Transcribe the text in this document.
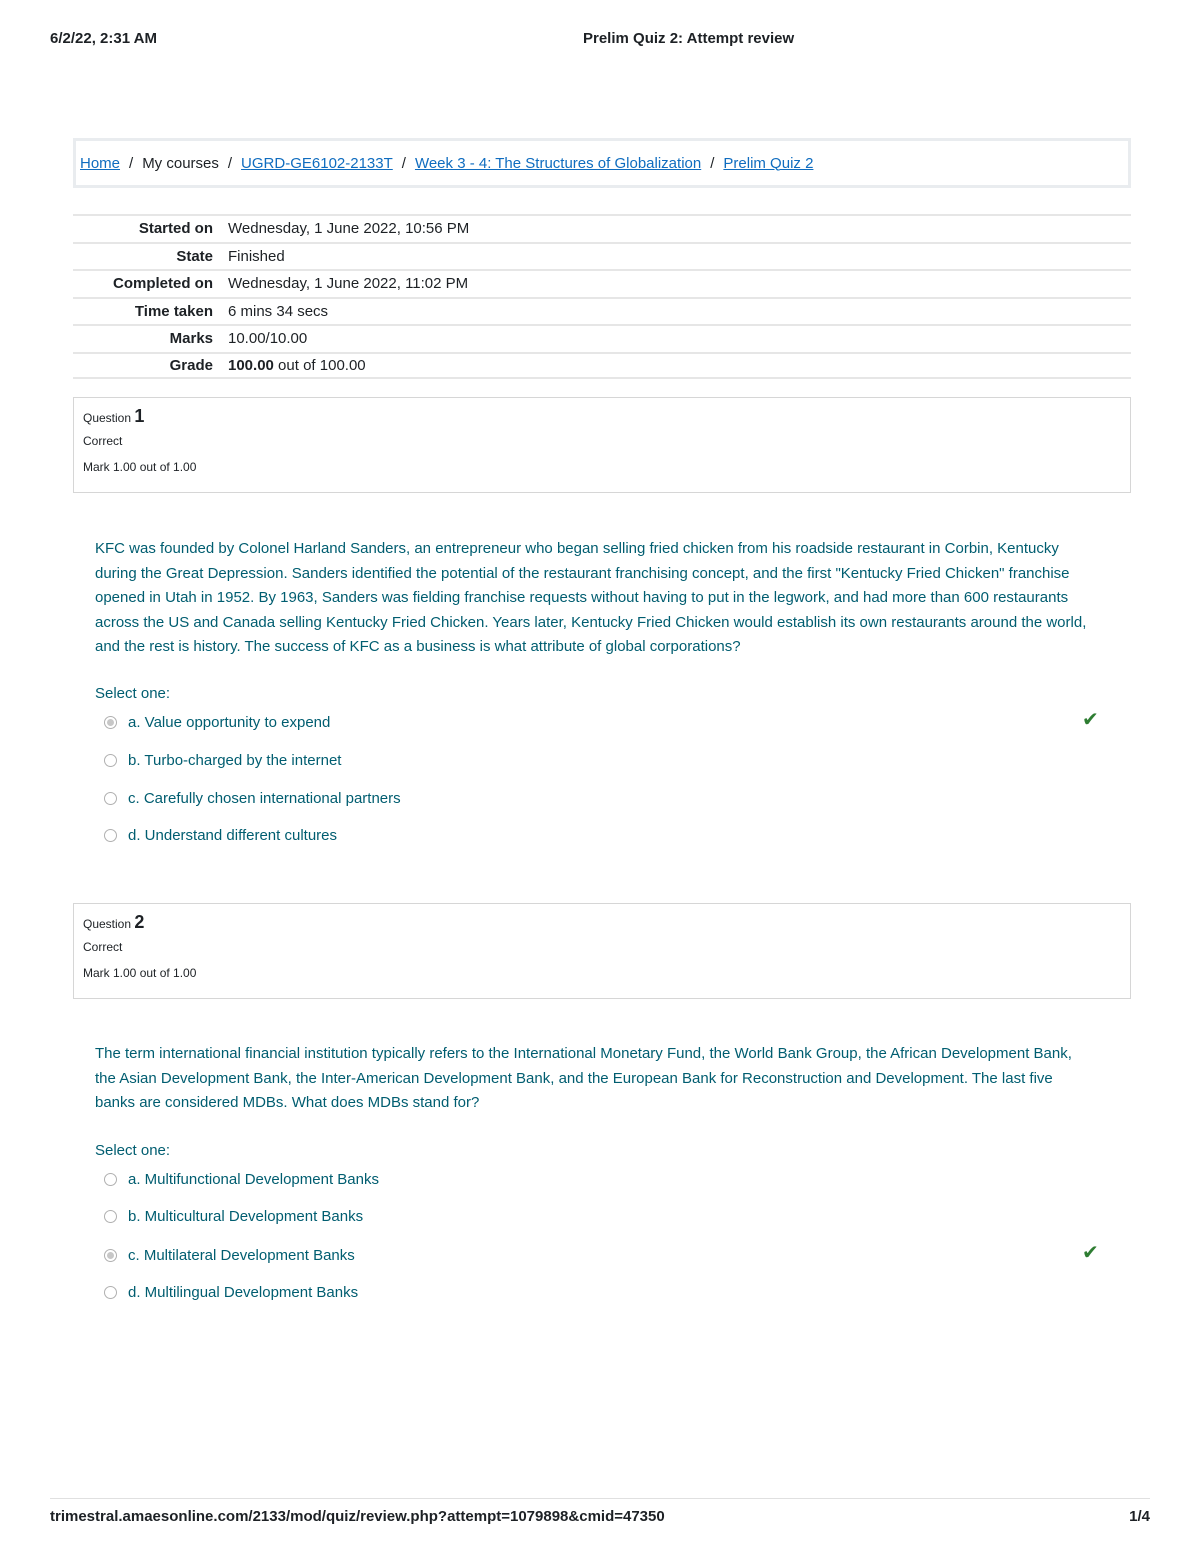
6/2/22, 2:31 AM	Prelim Quiz 2: Attempt review
Home / My courses / UGRD-GE6102-2133T / Week 3 - 4: The Structures of Globalization / Prelim Quiz 2
Started on	Wednesday, 1 June 2022, 10:56 PM
State	Finished
Completed on	Wednesday, 1 June 2022, 11:02 PM
Time taken	6 mins 34 secs
Marks	10.00/10.00
Grade	100.00 out of 100.00
Question 1
Correct
Mark 1.00 out of 1.00
KFC was founded by Colonel Harland Sanders, an entrepreneur who began selling fried chicken from his roadside restaurant in Corbin, Kentucky during the Great Depression. Sanders identified the potential of the restaurant franchising concept, and the first "Kentucky Fried Chicken" franchise opened in Utah in 1952. By 1963, Sanders was fielding franchise requests without having to put in the legwork, and had more than 600 restaurants across the US and Canada selling Kentucky Fried Chicken. Years later, Kentucky Fried Chicken would establish its own restaurants around the world, and the rest is history. The success of KFC as a business is what attribute of global corporations?
Select one:
a. Value opportunity to expend	✔
b. Turbo-charged by the internet
c. Carefully chosen international partners
d. Understand different cultures
Question 2
Correct
Mark 1.00 out of 1.00
The term international financial institution typically refers to the International Monetary Fund, the World Bank Group, the African Development Bank, the Asian Development Bank, the Inter-American Development Bank, and the European Bank for Reconstruction and Development. The last five banks are considered MDBs. What does MDBs stand for?
Select one:
a. Multifunctional Development Banks
b. Multicultural Development Banks
c. Multilateral Development Banks	✔
d. Multilingual Development Banks
trimestral.amaesonline.com/2133/mod/quiz/review.php?attempt=1079898&cmid=47350	1/4
